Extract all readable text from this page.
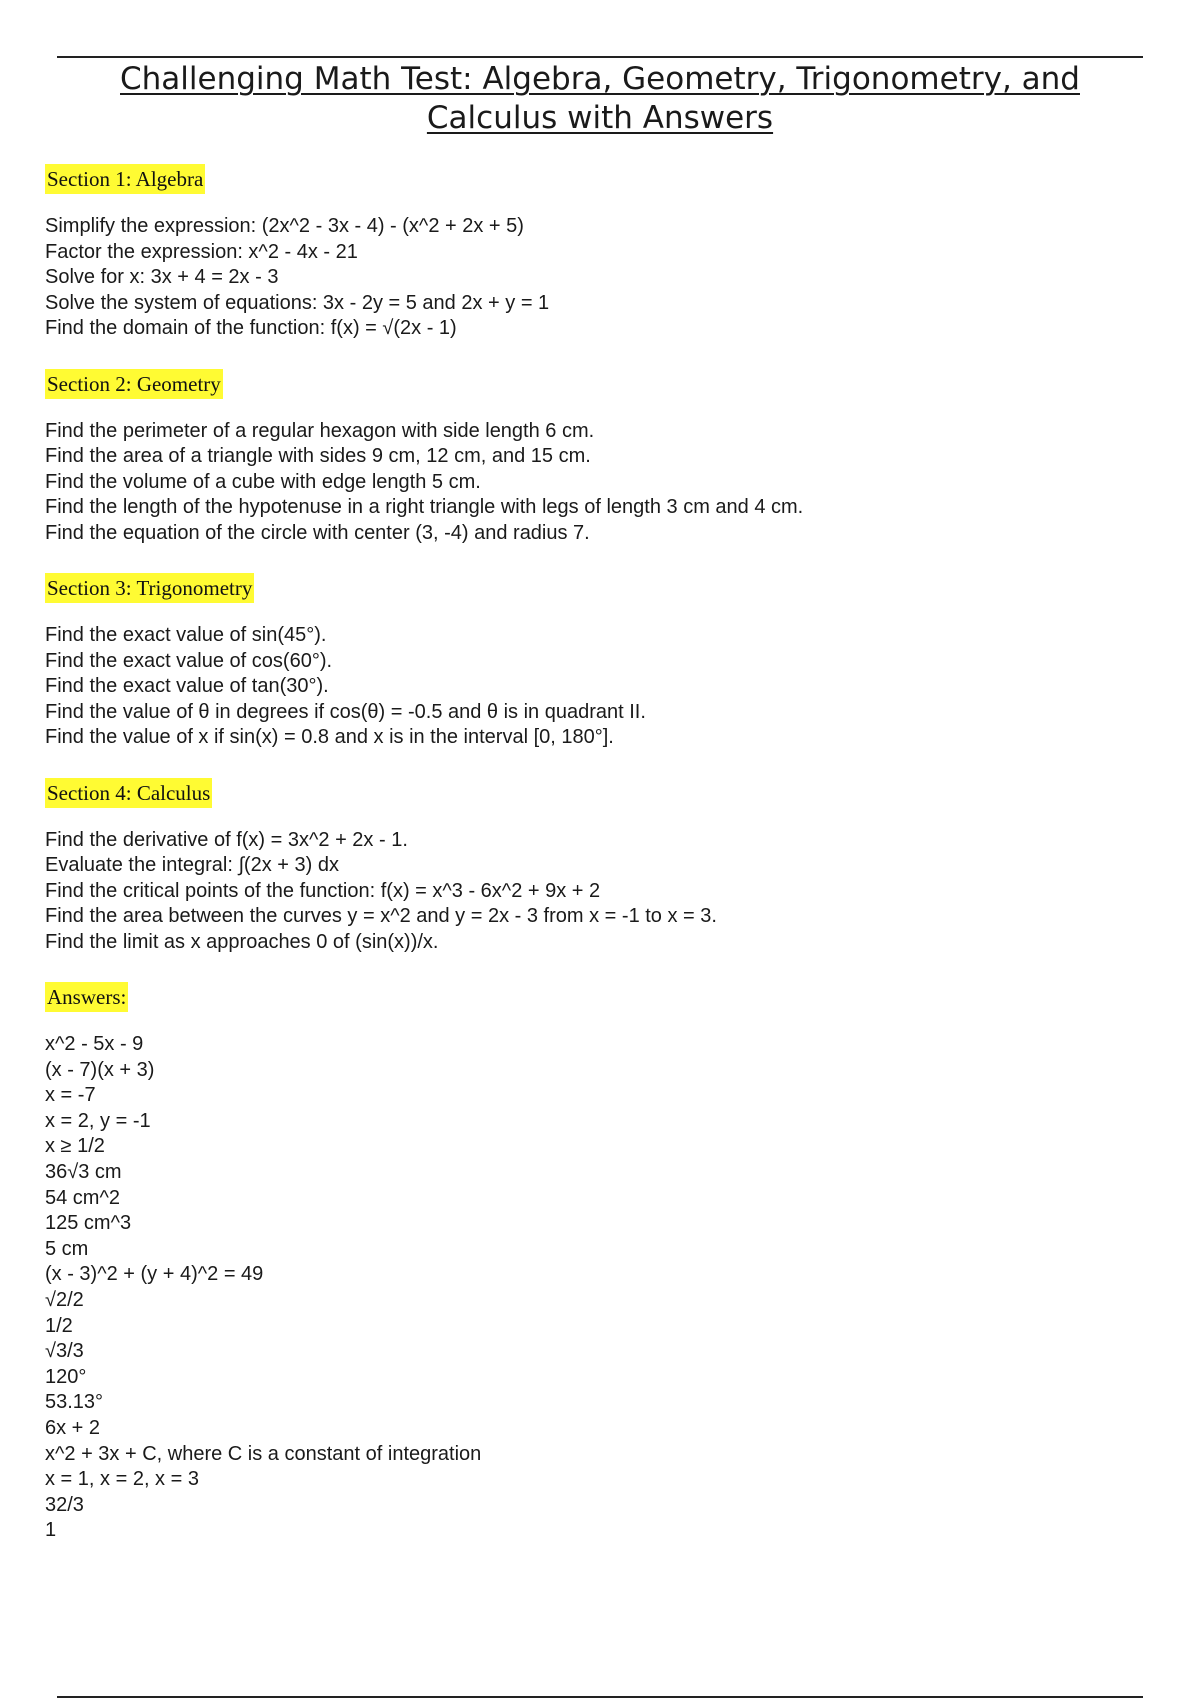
Challenging Math Test: Algebra, Geometry, Trigonometry, and
Calculus with Answers
Section 1: Algebra
Simplify the expression: (2x^2 - 3x - 4) - (x^2 + 2x + 5)
Factor the expression: x^2 - 4x - 21
Solve for x: 3x + 4 = 2x - 3
Solve the system of equations: 3x - 2y = 5 and 2x + y = 1
Find the domain of the function: f(x) = √(2x - 1)
Section 2: Geometry
Find the perimeter of a regular hexagon with side length 6 cm.
Find the area of a triangle with sides 9 cm, 12 cm, and 15 cm.
Find the volume of a cube with edge length 5 cm.
Find the length of the hypotenuse in a right triangle with legs of length 3 cm and 4 cm.
Find the equation of the circle with center (3, -4) and radius 7.
Section 3: Trigonometry
Find the exact value of sin(45°).
Find the exact value of cos(60°).
Find the exact value of tan(30°).
Find the value of θ in degrees if cos(θ) = -0.5 and θ is in quadrant II.
Find the value of x if sin(x) = 0.8 and x is in the interval [0, 180°].
Section 4: Calculus
Find the derivative of f(x) = 3x^2 + 2x - 1.
Evaluate the integral: ∫(2x + 3) dx
Find the critical points of the function: f(x) = x^3 - 6x^2 + 9x + 2
Find the area between the curves y = x^2 and y = 2x - 3 from x = -1 to x = 3.
Find the limit as x approaches 0 of (sin(x))/x.
Answers:
x^2 - 5x - 9
(x - 7)(x + 3)
x = -7
x = 2, y = -1
x ≥ 1/2
36√3 cm
54 cm^2
125 cm^3
5 cm
(x - 3)^2 + (y + 4)^2 = 49
√2/2
1/2
√3/3
120°
53.13°
6x + 2
x^2 + 3x + C, where C is a constant of integration
x = 1, x = 2, x = 3
32/3
1
